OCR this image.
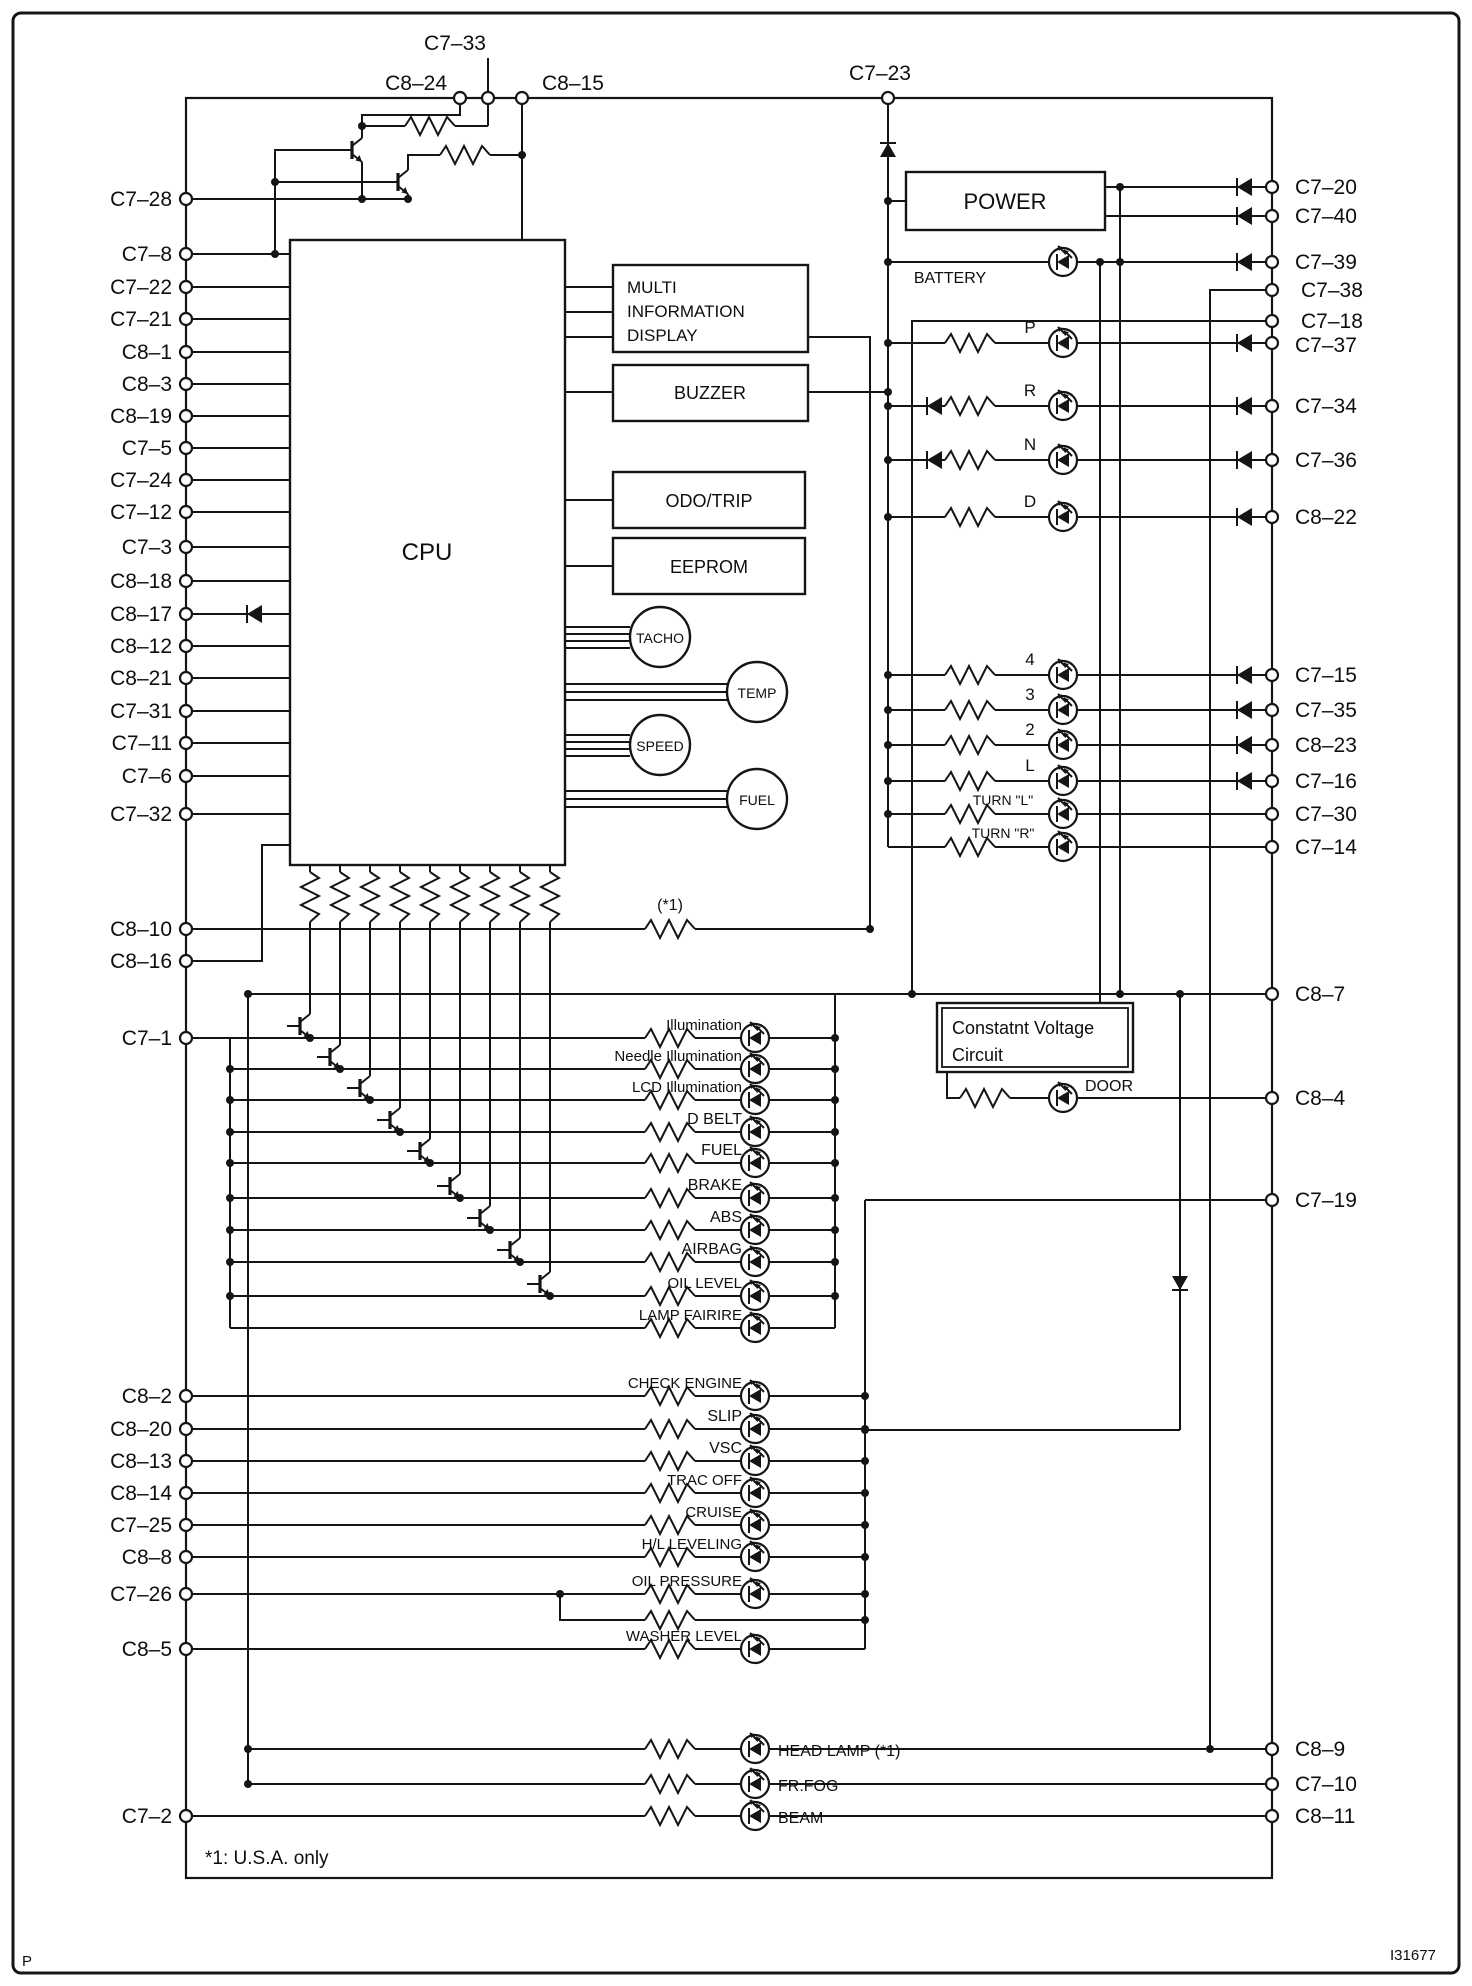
C7–33
C8–24	C8–15	C7–23
C7–28
C7–8
C7–22
C7–21
C8–1
C8–3
C8–19
C7–5
C7–24
C7–12
C7–3
C8–18
C8–17
C8–12
C8–21
C7–31
C7–11
C7–6
C7–32
C8–10
C8–16
C7–1
C8–2
C8–20
C8–13
C8–14
C7–25
C8–8
C7–26
C8–5
C7–2
C7–20
C7–40
C7–39
C7–38
C7–18
C7–37
C7–34
C7–36
C8–22
C7–15
C7–35
C8–23
C7–16
C7–30
C7–14
C8–7
C8–4
C7–19
C8–9
C7–10
C8–11
CPU
POWER
MULTI
INFORMATION
DISPLAY
BUZZER
ODO/TRIP
EEPROM
Constatnt Voltage
Circuit
TACHO
TEMP
SPEED
FUEL
BATTERY
P
R
N
D
4
3
2
L
TURN "L"
TURN "R"
DOOR
Illumination
Needle Illumination
LCD Illumination
D BELT
FUEL
BRAKE
ABS
AIRBAG
OIL LEVEL
LAMP FAIRIRE
CHECK ENGINE
SLIP
VSC
TRAC OFF
CRUISE
H/L LEVELING
OIL PRESSURE
WASHER LEVEL
HEAD LAMP (*1)
FR.FOG
BEAM
(*1)
*1: U.S.A. only
P	I31677
